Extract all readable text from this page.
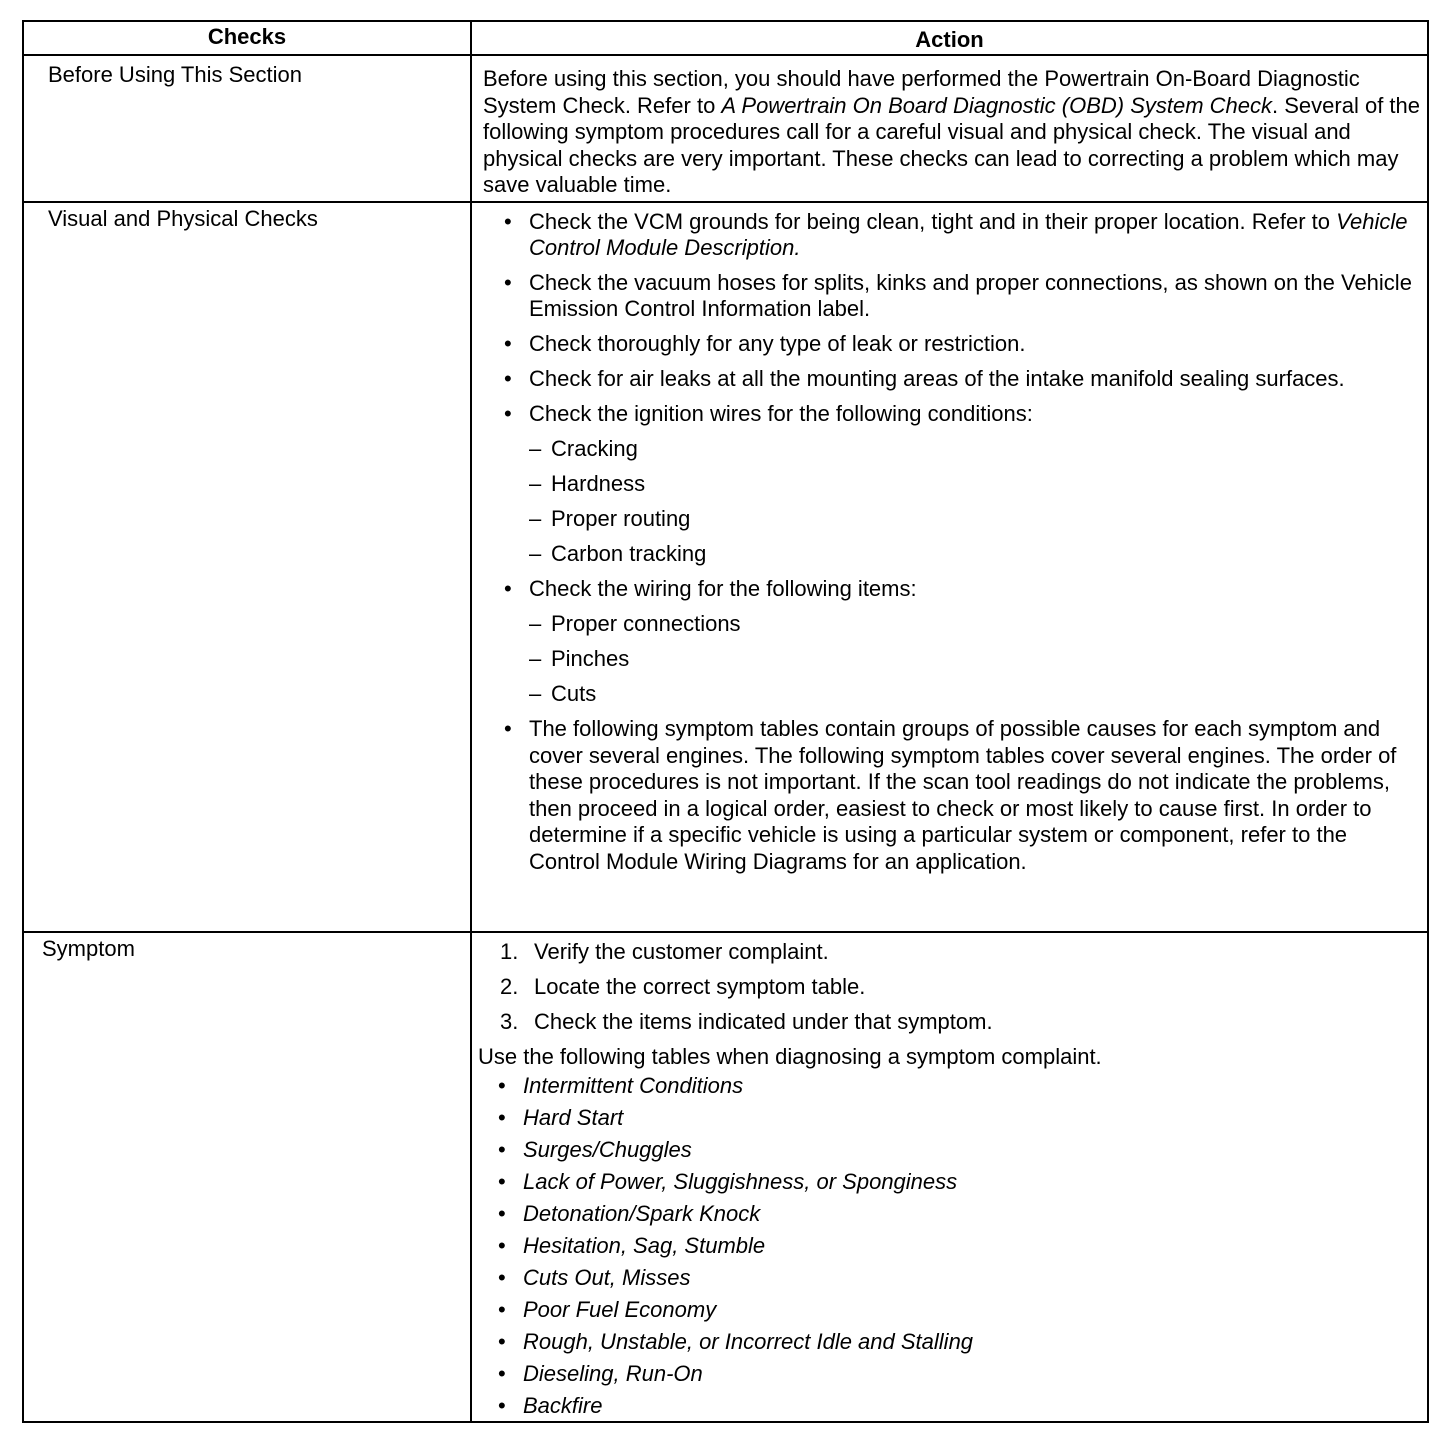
Checks	Action
Before Using This Section	Before using this section, you should have performed the Powertrain On-Board Diagnostic System Check. Refer to A Powertrain On Board Diagnostic (OBD) System Check. Several of the following symptom procedures call for a careful visual and physical check. The visual and physical checks are very important. These checks can lead to correcting a problem which may save valuable time.

Visual and Physical Checks
•	Check the VCM grounds for being clean, tight and in their proper location. Refer to Vehicle Control Module Description.
• Check the vacuum hoses for splits, kinks and proper connections, as shown on the Vehicle Emission Control Information label.
• Check thoroughly for any type of leak or restriction.
• Check for air leaks at all the mounting areas of the intake manifold sealing surfaces.
• Check the ignition wires for the following conditions:
– Cracking
– Hardness
– Proper routing
– Carbon tracking
• Check the wiring for the following items:
– Proper connections
– Pinches
– Cuts
• The following symptom tables contain groups of possible causes for each symptom and cover several engines. The following symptom tables cover several engines. The order of these procedures is not important. If the scan tool readings do not indicate the problems, then proceed in a logical order, easiest to check or most likely to cause first. In order to determine if a specific vehicle is using a particular system or component, refer to the Control Module Wiring Diagrams for an application.
Symptom	1. Verify the customer complaint.
2. Locate the correct symptom table.
3. Check the items indicated under that symptom.
Use the following tables when diagnosing a symptom complaint.
• Intermittent Conditions
• Hard Start
• Surges/Chuggles
• Lack of Power, Sluggishness, or Sponginess
• Detonation/Spark Knock
• Hesitation, Sag, Stumble
• Cuts Out, Misses
• Poor Fuel Economy
• Rough, Unstable, or Incorrect Idle and Stalling
• Dieseling, Run-On
• Backfire
